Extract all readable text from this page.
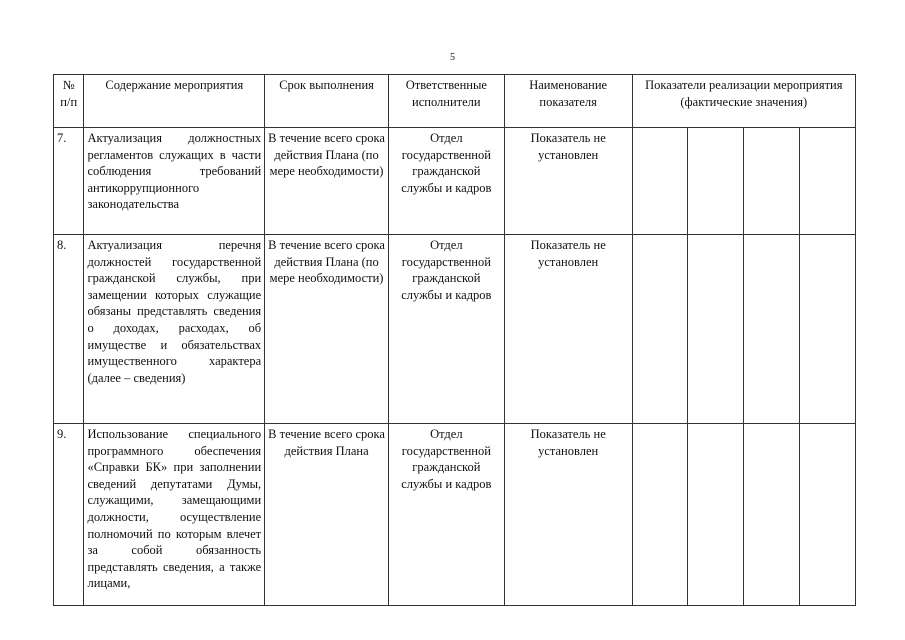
5
№ п/п	Содержание мероприятия	Срок выполнения	Ответственные исполнители	Наименование показателя	Показатели реализации мероприятия (фактические значения)			
7.	Актуализация должностных регламентов служащих в части соблюдения требований антикоррупционного законодательства	В течение всего срока действия Плана (по мере необходимости)	Отдел государственной гражданской службы и кадров	Показатель не установлен				
8.	Актуализация перечня должностей государственной гражданской службы, при замещении которых служащие обязаны представлять сведения о доходах, расходах, об имуществе и обязательствах имущественного характера (далее – сведения)	В течение всего срока действия Плана (по мере необходимости)	Отдел государственной гражданской службы и кадров	Показатель не установлен				
9.	Использование специального программного обеспечения «Справки БК» при заполнении сведений депутатами Думы, служащими, замещающими должности, осуществление полномочий по которым влечет за собой обязанность представлять сведения, а также лицами,	В течение всего срока действия Плана	Отдел государственной гражданской службы и кадров	Показатель не установлен				
